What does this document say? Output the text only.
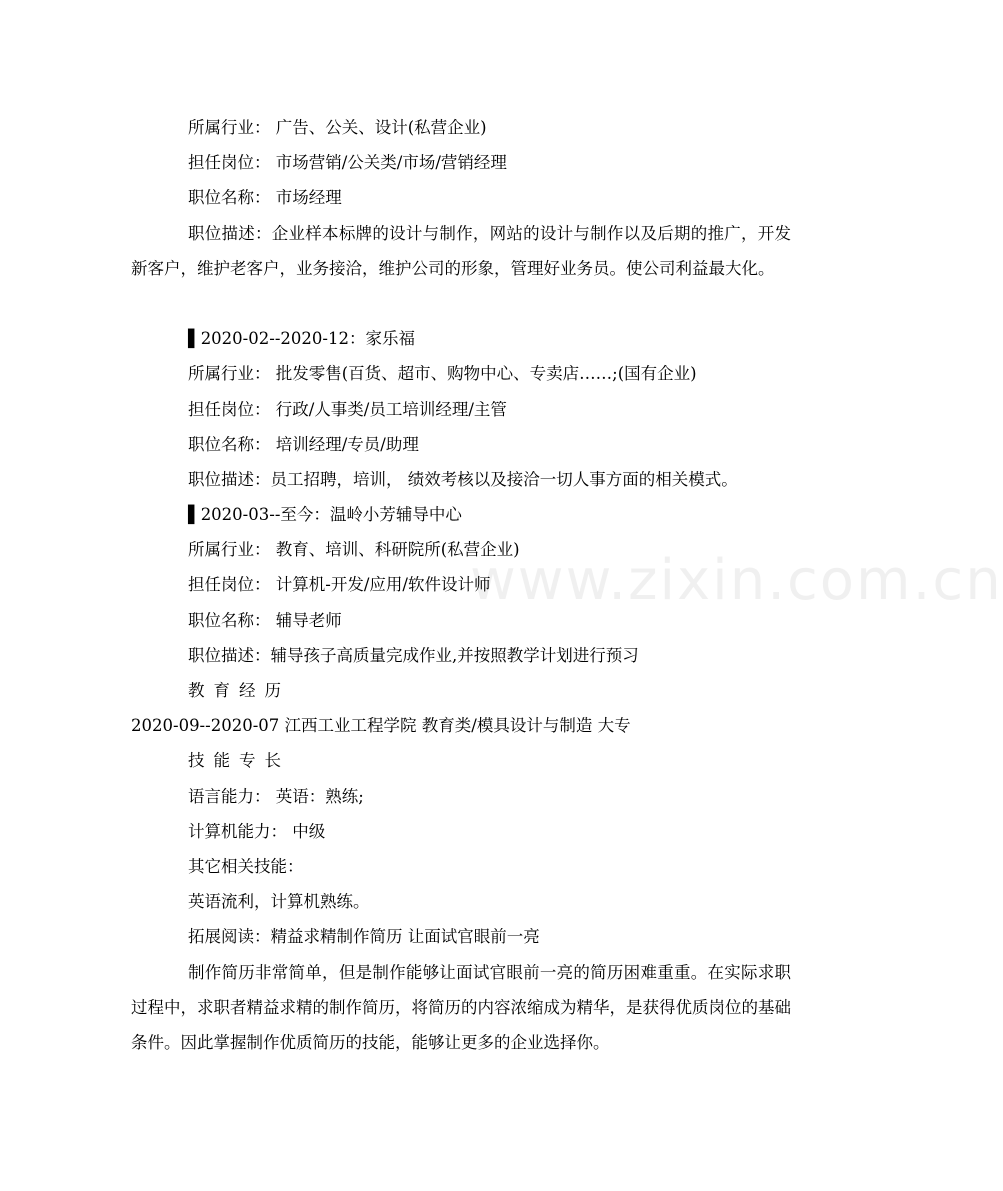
www.zixin.com.cn
所属行业： 广告、公关、设计(私营企业)
担任岗位： 市场营销/公关类/市场/营销经理
职位名称： 市场经理
职位描述：企业样本标牌的设计与制作，网站的设计与制作以及后期的推广，开发新客户，维护老客户，业务接洽，维护公司的形象，管理好业务员。使公司利益最大化。
▌2020-02--2020-12：家乐福
所属行业： 批发零售(百货、超市、购物中心、专卖店……;(国有企业)
担任岗位： 行政/人事类/员工培训经理/主管
职位名称： 培训经理/专员/助理
职位描述：员工招聘，培训， 绩效考核以及接洽一切人事方面的相关模式。
▌2020-03--至今：温岭小芳辅导中心
所属行业： 教育、培训、科研院所(私营企业)
担任岗位： 计算机-开发/应用/软件设计师
职位名称： 辅导老师
职位描述：辅导孩子高质量完成作业,并按照教学计划进行预习
教育经历
2020-09--2020-07 江西工业工程学院 教育类/模具设计与制造 大专
技能专长
语言能力： 英语：熟练;
计算机能力： 中级
其它相关技能：
英语流利，计算机熟练。
拓展阅读：精益求精制作简历 让面试官眼前一亮
制作简历非常简单，但是制作能够让面试官眼前一亮的简历困难重重。在实际求职过程中，求职者精益求精的制作简历，将简历的内容浓缩成为精华，是获得优质岗位的基础条件。因此掌握制作优质简历的技能，能够让更多的企业选择你。
